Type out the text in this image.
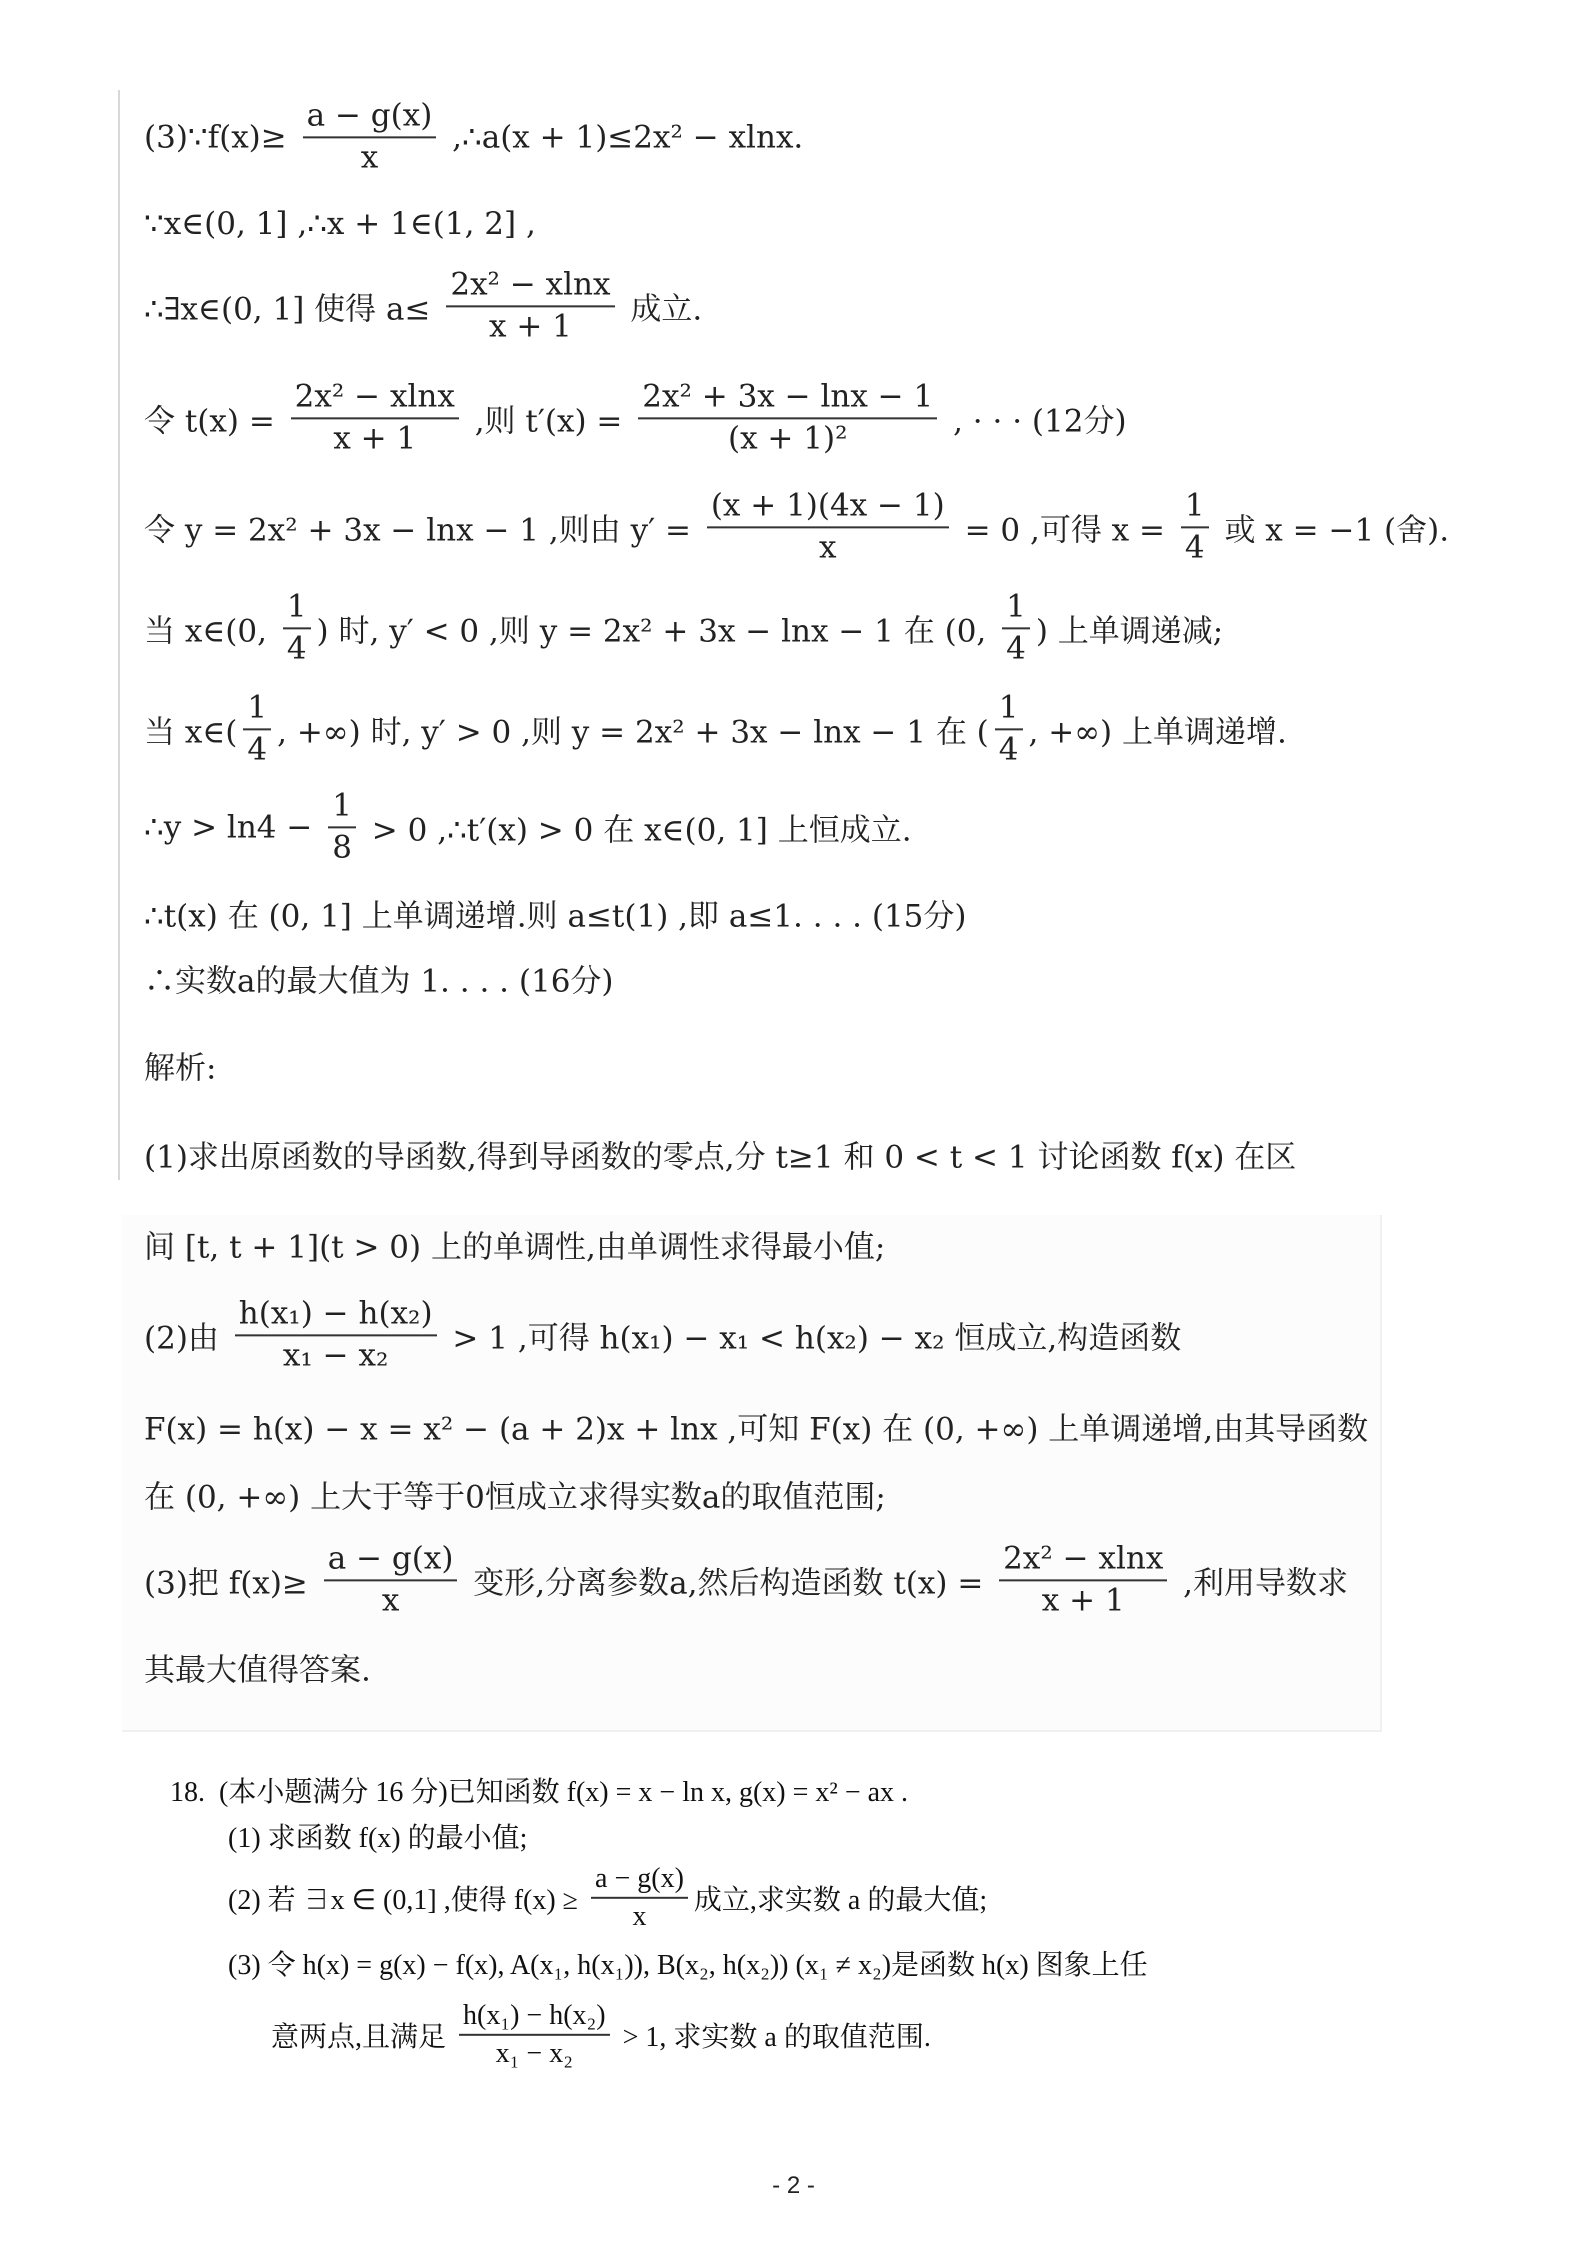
(3)∵f(x)≥ $\frac{a - g(x)}{x}$ ,∴a(x + 1)≤2x² − xlnx.
∵x∈(0, 1] ,∴x + 1∈(1, 2] ,
∴∃x∈(0, 1] 使得 $a\le \frac{\text{2x² − xlnx}}{x + 1}$ 成立.
令 $t(x) = \frac{\text{2x² − xlnx}}{x + 1}$ ,则 $t'(x) = \frac{\text{2x² + 3x − lnx − 1}}{\text{(x + 1)²}}$ , · · · (12分)
令 y = 2x² + 3x − lnx − 1 ,则由 $y' = \frac{(x + 1)(4x - 1)}{x} = 0$ ,可得 $x = \frac{1}{4}$ 或 x = −1 (舍).
当 x∈(0, $\frac{1}{4}$ ) 时, y′ < 0 ,则 y = 2x² + 3x − lnx − 1 在 (0, $\frac{1}{4}$ ) 上单调递减;
当 x∈( $\frac{1}{4}$ , +∞) 时, y′ > 0 ,则 y = 2x² + 3x − lnx − 1 在 ( $\frac{1}{4}$ , +∞) 上单调递增.
∴y > $\ln 4 - \frac{1}{8} > 0$ ,∴t′(x) > 0 在 x∈(0, 1] 上恒成立.
∴t(x) 在 (0, 1] 上单调递增.则 a≤t(1) ,即 a≤1. . . . (15分)
∴实数a的最大值为 1. . . . (16分)
解析:
(1)求出原函数的导函数,得到导函数的零点,分 t≥1 和 0 < t < 1 讨论函数 f(x) 在区
间 [t, t + 1](t > 0) 上的单调性,由单调性求得最小值;
(2)由 $\frac{\text{h(x₁) − h(x₂)}}{\text{x₁ − x₂}} > 1$ ,可得 h(x₁) − x₁ < h(x₂) − x₂ 恒成立,构造函数
F(x) = h(x) − x = x² − (a + 2)x + lnx ,可知 F(x) 在 (0, +∞) 上单调递增,由其导函数
在 (0, +∞) 上大于等于0恒成立求得实数a的取值范围;
(3)把 $f(x)\ge \frac{a - g(x)}{x}$ 变形,分离参数a,然后构造函数 $t(x) = \frac{\text{2x² − xlnx}}{x + 1}$ ,利用导数求
其最大值得答案.
18.  (本小题满分 16 分)已知函数 f(x) = x − ln x, g(x) = x² − ax .
(1) 求函数 f(x) 的最小值;
(2) 若 ∃x ∈ (0,1] ,使得 $f(x) \ge \frac{a - g(x)}{x}$ 成立,求实数 a 的最大值;
(3) 令 h(x) = g(x) − f(x), A(x₁, h(x₁)), B(x₂, h(x₂)) (x₁ ≠ x₂)是函数 h(x) 图象上任
意两点,且满足 $\frac{\text{h(x₁) − h(x₂)}}{\text{x₁ − x₂}} > 1$, 求实数 a 的取值范围.
- 2 -
